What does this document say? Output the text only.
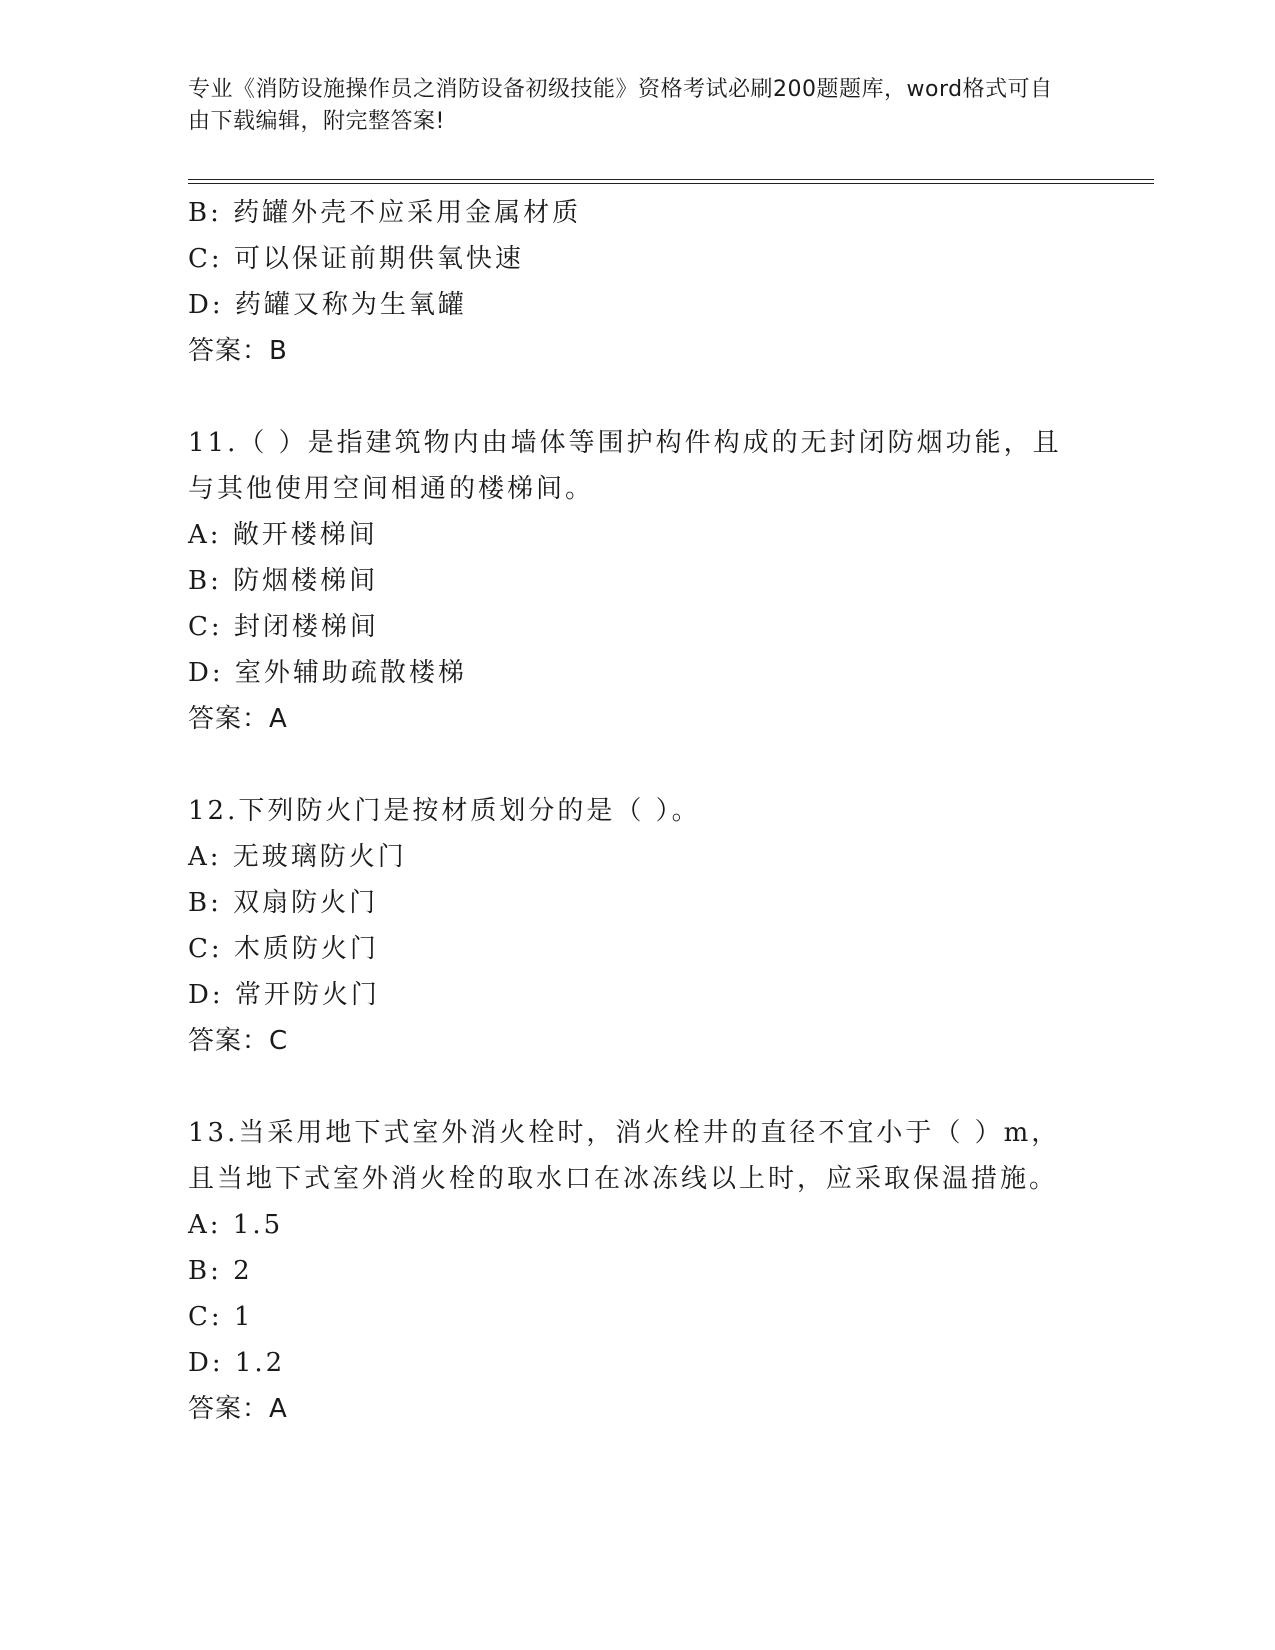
专业《消防设施操作员之消防设备初级技能》资格考试必刷200题题库，word格式可自由下载编辑，附完整答案!
B: 药罐外壳不应采用金属材质
C: 可以保证前期供氧快速
D: 药罐又称为生氧罐
答案：B
11.（ ）是指建筑物内由墙体等围护构件构成的无封闭防烟功能，且
与其他使用空间相通的楼梯间。
A: 敞开楼梯间
B: 防烟楼梯间
C: 封闭楼梯间
D: 室外辅助疏散楼梯
答案：A
12.下列防火门是按材质划分的是（ ）。
A: 无玻璃防火门
B: 双扇防火门
C: 木质防火门
D: 常开防火门
答案：C
13.当采用地下式室外消火栓时，消火栓井的直径不宜小于（ ）m，
且当地下式室外消火栓的取水口在冰冻线以上时，应采取保温措施。
A: 1.5
B: 2
C: 1
D: 1.2
答案：A
